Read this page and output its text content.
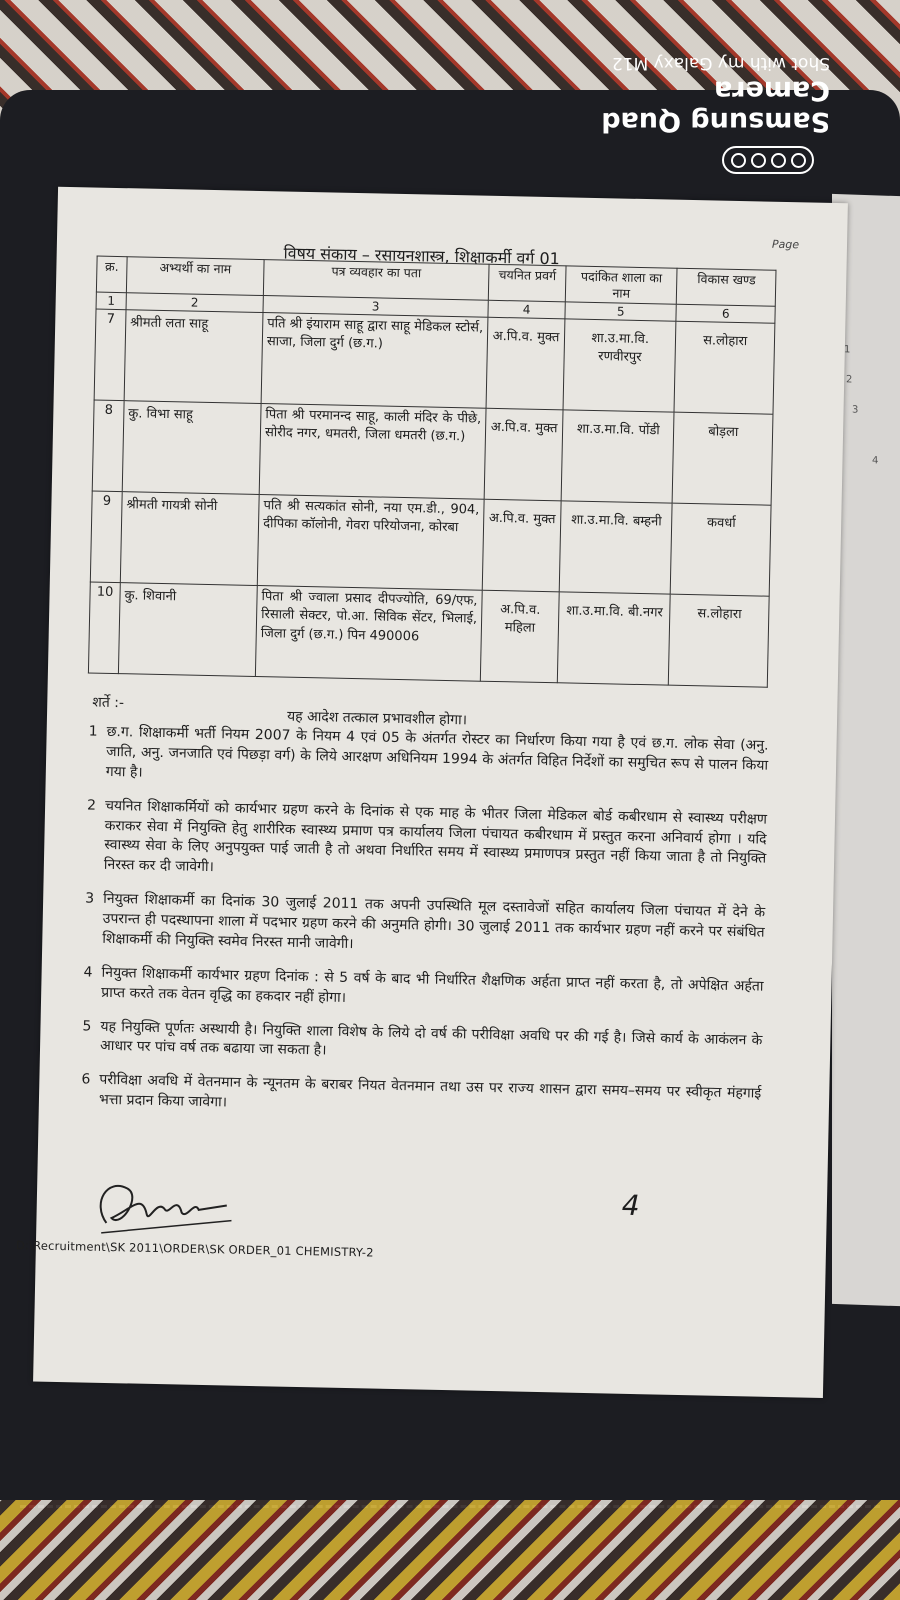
1
2
3
4
Samsung Quad Camera
Shot with my Galaxy M12
Page
विषय संकाय – रसायनशास्त्र, शिक्षाकर्मी वर्ग 01
क्र.	अभ्यर्थी का नाम	पत्र व्यवहार का पता	चयनित प्रवर्ग	पदांकित शाला का नाम	विकास खण्ड
1	2	3	4	5	6
7	श्रीमती लता साहू	पति श्री इंयाराम साहू द्वारा साहू मेडिकल स्टोर्स, साजा, जिला दुर्ग (छ.ग.)	अ.पि.व. मुक्त	शा.उ.मा.वि. रणवीरपुर	स.लोहारा
8	कु. विभा साहू	पिता श्री परमानन्द साहू, काली मंदिर के पीछे, सोरीद नगर, धमतरी, जिला धमतरी (छ.ग.)	अ.पि.व. मुक्त	शा.उ.मा.वि. पोंडी	बोड़ला
9	श्रीमती गायत्री सोनी	पति श्री सत्यकांत सोनी, नया एम.डी., 904, दीपिका कॉलोनी, गेवरा परियोजना, कोरबा	अ.पि.व. मुक्त	शा.उ.मा.वि. बम्हनी	कवर्धा
10	कु. शिवानी	पिता श्री ज्वाला प्रसाद दीपज्योति, 69/एफ, रिसाली सेक्टर, पो.आ. सिविक सेंटर, भिलाई, जिला दुर्ग (छ.ग.) पिन 490006	अ.पि.व. महिला	शा.उ.मा.वि. बी.नगर	स.लोहारा
शर्ते :-
यह आदेश तत्काल प्रभावशील होगा।
1 छ.ग. शिक्षाकर्मी भर्ती नियम 2007 के नियम 4 एवं 05 के अंतर्गत रोस्टर का निर्धारण किया गया है एवं छ.ग. लोक सेवा (अनु. जाति, अनु. जनजाति एवं पिछड़ा वर्ग) के लिये आरक्षण अधिनियम 1994 के अंतर्गत विहित निर्देशों का समुचित रूप से पालन किया गया है।
2 चयनित शिक्षाकर्मियों को कार्यभार ग्रहण करने के दिनांक से एक माह के भीतर जिला मेडिकल बोर्ड कबीरधाम से स्वास्थ्य परीक्षण कराकर सेवा में नियुक्ति हेतु शारीरिक स्वास्थ्य प्रमाण पत्र कार्यालय जिला पंचायत कबीरधाम में प्रस्तुत करना अनिवार्य होगा । यदि स्वास्थ्य सेवा के लिए अनुपयुक्त पाई जाती है तो अथवा निर्धारित समय में स्वास्थ्य प्रमाणपत्र प्रस्तुत नहीं किया जाता है तो नियुक्ति निरस्त कर दी जावेगी।
3 नियुक्त शिक्षाकर्मी का दिनांक 30 जुलाई 2011 तक अपनी उपस्थिति मूल दस्तावेजों सहित कार्यालय जिला पंचायत में देने के उपरान्त ही पदस्थापना शाला में पदभार ग्रहण करने की अनुमति होगी। 30 जुलाई 2011 तक कार्यभार ग्रहण नहीं करने पर संबंधित शिक्षाकर्मी की नियुक्ति स्वमेव निरस्त मानी जावेगी।
4 नियुक्त शिक्षाकर्मी कार्यभार ग्रहण दिनांक : से 5 वर्ष के बाद भी निर्धारित शैक्षणिक अर्हता प्राप्त नहीं करता है, तो अपेक्षित अर्हता प्राप्त करते तक वेतन वृद्धि का हकदार नहीं होगा।
5 यह नियुक्ति पूर्णतः अस्थायी है। नियुक्ति शाला विशेष के लिये दो वर्ष की परीविक्षा अवधि पर की गई है। जिसे कार्य के आकंलन के आधार पर पांच वर्ष तक बढाया जा सकता है।
6 परीविक्षा अवधि में वेतनमान के न्यूनतम के बराबर नियत वेतनमान तथा उस पर राज्य शासन द्वारा समय–समय पर स्वीकृत मंहगाई भत्ता प्रदान किया जावेगा।
4
D:\Recruitment\SK 2011\ORDER\SK ORDER_01 CHEMISTRY-2
